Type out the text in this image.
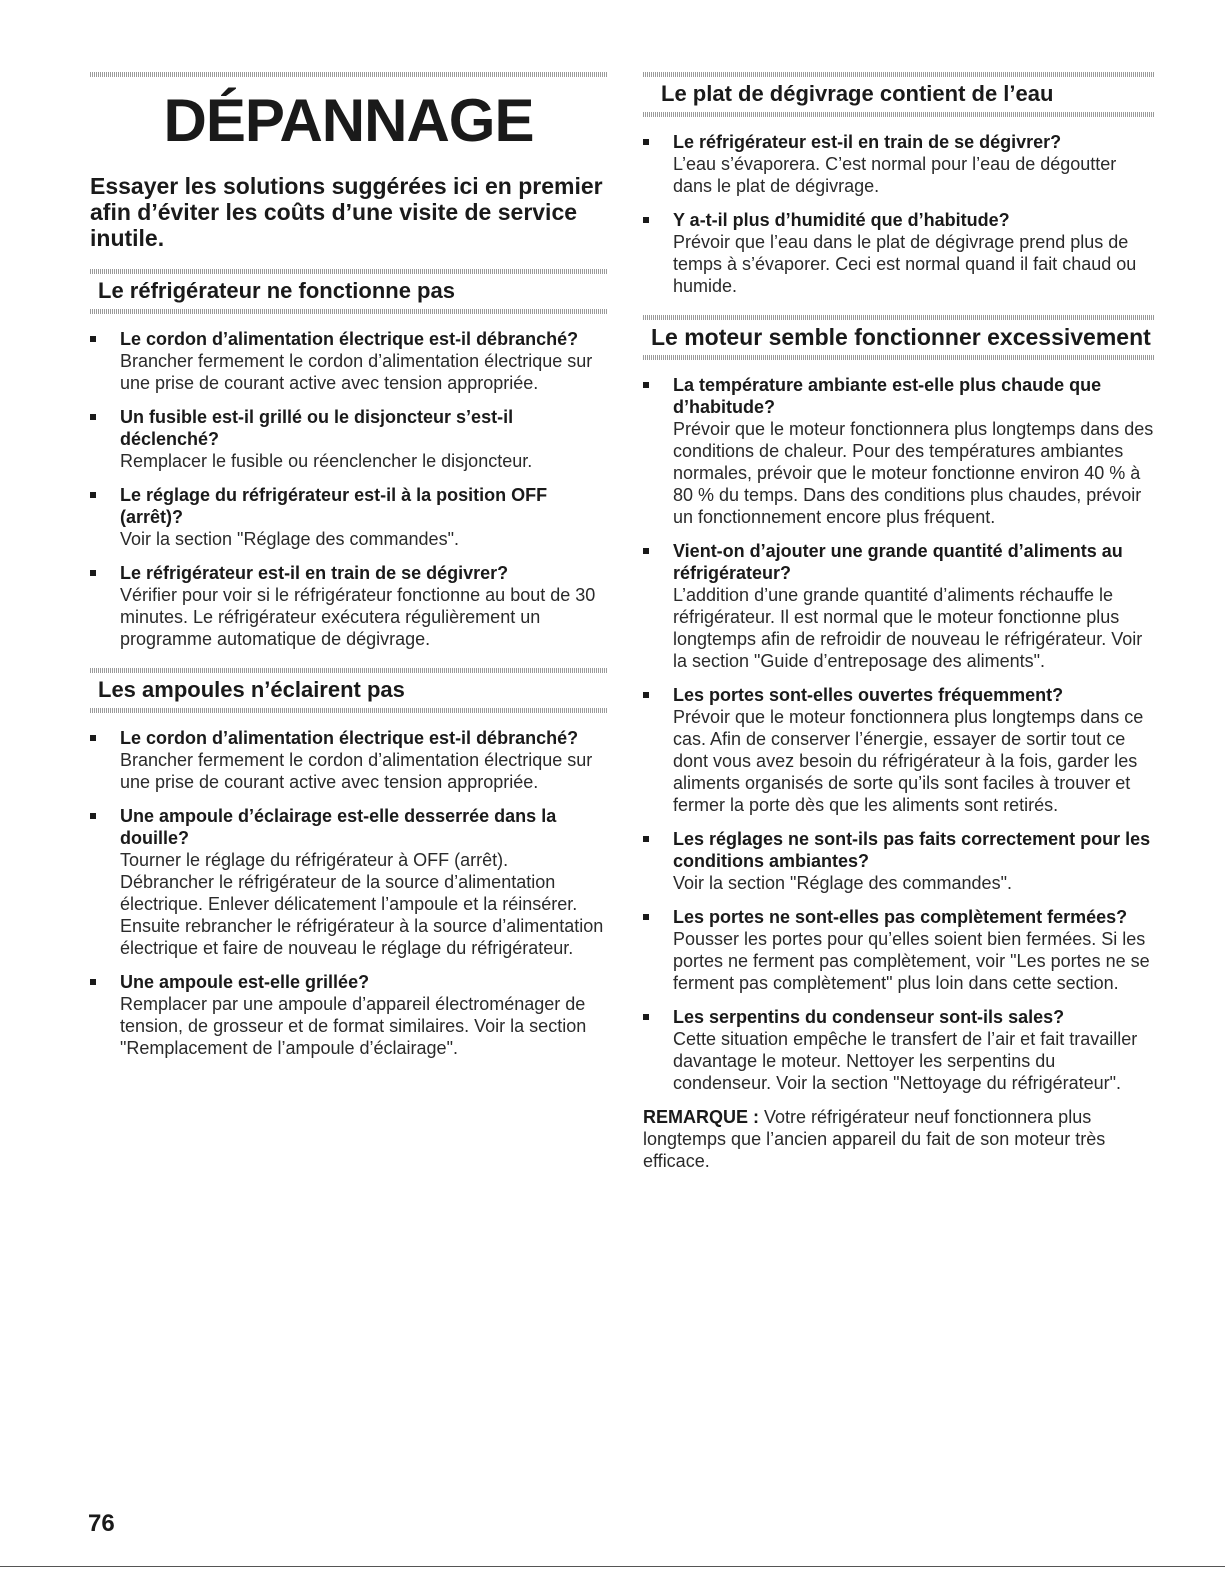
DÉPANNAGE

Essayer les solutions suggérées ici en premier afin d’éviter les coûts d’une visite de service inutile.

Le réfrigérateur ne fonctionne pas
Le cordon d’alimentation électrique est-il débranché?
Brancher fermement le cordon d’alimentation électrique sur une prise de courant active avec tension appropriée.
Un fusible est-il grillé ou le disjoncteur s’est-il déclenché?
Remplacer le fusible ou réenclencher le disjoncteur.
Le réglage du réfrigérateur est-il à la position OFF (arrêt)?
Voir la section "Réglage des commandes".
Le réfrigérateur est-il en train de se dégivrer?
Vérifier pour voir si le réfrigérateur fonctionne au bout de 30 minutes. Le réfrigérateur exécutera régulièrement un programme automatique de dégivrage.
Les ampoules n’éclairent pas
Le cordon d’alimentation électrique est-il débranché?
Brancher fermement le cordon d’alimentation électrique sur une prise de courant active avec tension appropriée.
Une ampoule d’éclairage est-elle desserrée dans la douille?
Tourner le réglage du réfrigérateur à OFF (arrêt). Débrancher le réfrigérateur de la source d’alimentation électrique. Enlever délicatement l’ampoule et la réinsérer. Ensuite rebrancher le réfrigérateur à la source d’alimentation électrique et faire de nouveau le réglage du réfrigérateur.
Une ampoule est-elle grillée?
Remplacer par une ampoule d’appareil électroménager de tension, de grosseur et de format similaires. Voir la section "Remplacement de l’ampoule d’éclairage".
Le plat de dégivrage contient de l’eau
Le réfrigérateur est-il en train de se dégivrer?
L’eau s’évaporera. C’est normal pour l’eau de dégoutter dans le plat de dégivrage.
Y a-t-il plus d’humidité que d’habitude?
Prévoir que l’eau dans le plat de dégivrage prend plus de temps à s’évaporer. Ceci est normal quand il fait chaud ou humide.
Le moteur semble fonctionner excessivement
La température ambiante est-elle plus chaude que d’habitude?
Prévoir que le moteur fonctionnera plus longtemps dans des conditions de chaleur. Pour des températures ambiantes normales, prévoir que le moteur fonctionne environ 40 % à 80 % du temps. Dans des conditions plus chaudes, prévoir un fonctionnement encore plus fréquent.
Vient-on d’ajouter une grande quantité d’aliments au réfrigérateur?
L’addition d’une grande quantité d’aliments réchauffe le réfrigérateur. Il est normal que le moteur fonctionne plus longtemps afin de refroidir de nouveau le réfrigérateur. Voir la section "Guide d’entreposage des aliments".
Les portes sont-elles ouvertes fréquemment?
Prévoir que le moteur fonctionnera plus longtemps dans ce cas. Afin de conserver l’énergie, essayer de sortir tout ce dont vous avez besoin du réfrigérateur à la fois, garder les aliments organisés de sorte qu’ils sont faciles à trouver et fermer la porte dès que les aliments sont retirés.
Les réglages ne sont-ils pas faits correctement pour les conditions ambiantes?
Voir la section "Réglage des commandes".
Les portes ne sont-elles pas complètement fermées?
Pousser les portes pour qu’elles soient bien fermées. Si les portes ne ferment pas complètement, voir "Les portes ne se ferment pas complètement" plus loin dans cette section.
Les serpentins du condenseur sont-ils sales?
Cette situation empêche le transfert de l’air et fait travailler davantage le moteur. Nettoyer les serpentins du condenseur. Voir la section "Nettoyage du réfrigérateur".

REMARQUE : Votre réfrigérateur neuf fonctionnera plus longtemps que l’ancien appareil du fait de son moteur très efficace.

76
